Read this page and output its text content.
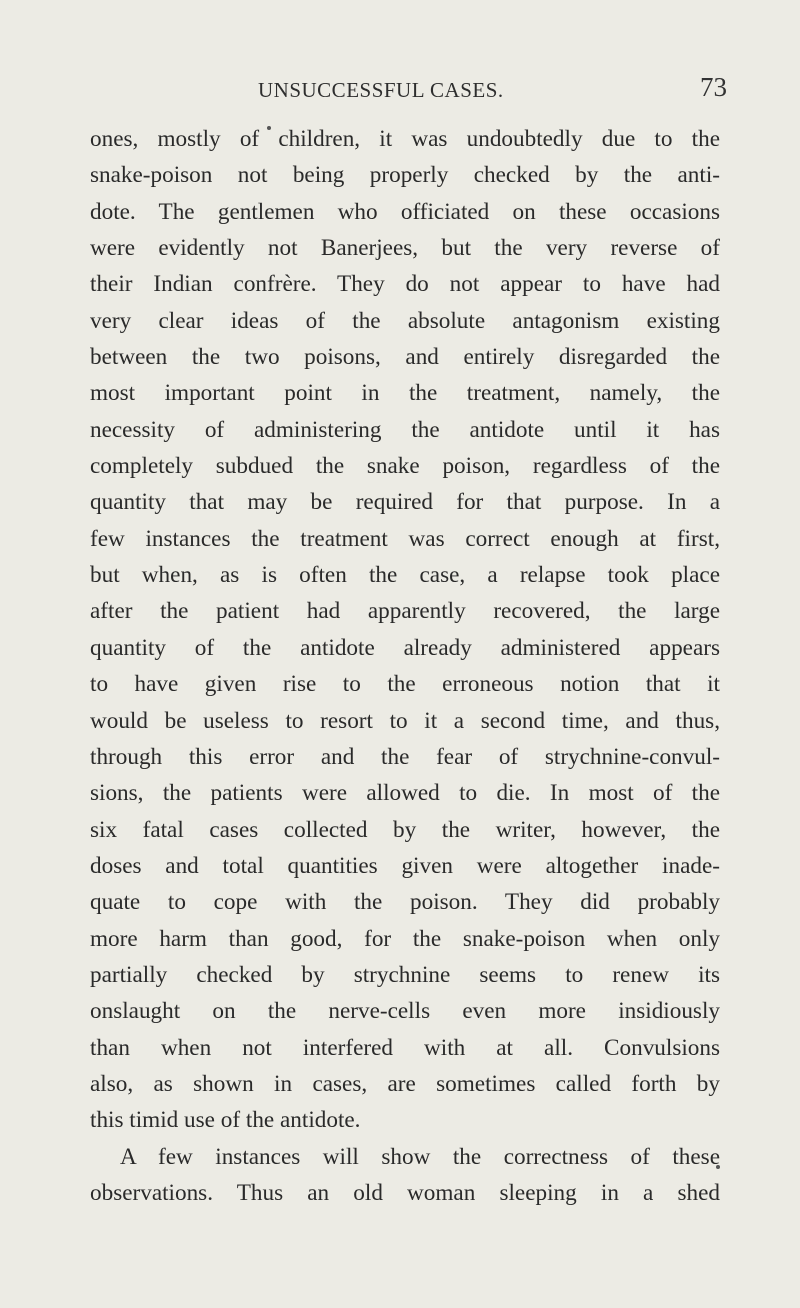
UNSUCCESSFUL CASES.	73
ones, mostly of children, it was undoubtedly due to the
snake-poison not being properly checked by the anti-
dote. The gentlemen who officiated on these occasions
were evidently not Banerjees, but the very reverse of
their Indian confrère. They do not appear to have had
very clear ideas of the absolute antagonism existing
between the two poisons, and entirely disregarded the
most important point in the treatment, namely, the
necessity of administering the antidote until it has
completely subdued the snake poison, regardless of the
quantity that may be required for that purpose. In a
few instances the treatment was correct enough at first,
but when, as is often the case, a relapse took place
after the patient had apparently recovered, the large
quantity of the antidote already administered appears
to have given rise to the erroneous notion that it
would be useless to resort to it a second time, and thus,
through this error and the fear of strychnine-convul-
sions, the patients were allowed to die. In most of the
six fatal cases collected by the writer, however, the
doses and total quantities given were altogether inade-
quate to cope with the poison. They did probably
more harm than good, for the snake-poison when only
partially checked by strychnine seems to renew its
onslaught on the nerve-cells even more insidiously
than when not interfered with at all. Convulsions
also, as shown in cases, are sometimes called forth by
this timid use of the antidote.
A few instances will show the correctness of these
observations. Thus an old woman sleeping in a shed
